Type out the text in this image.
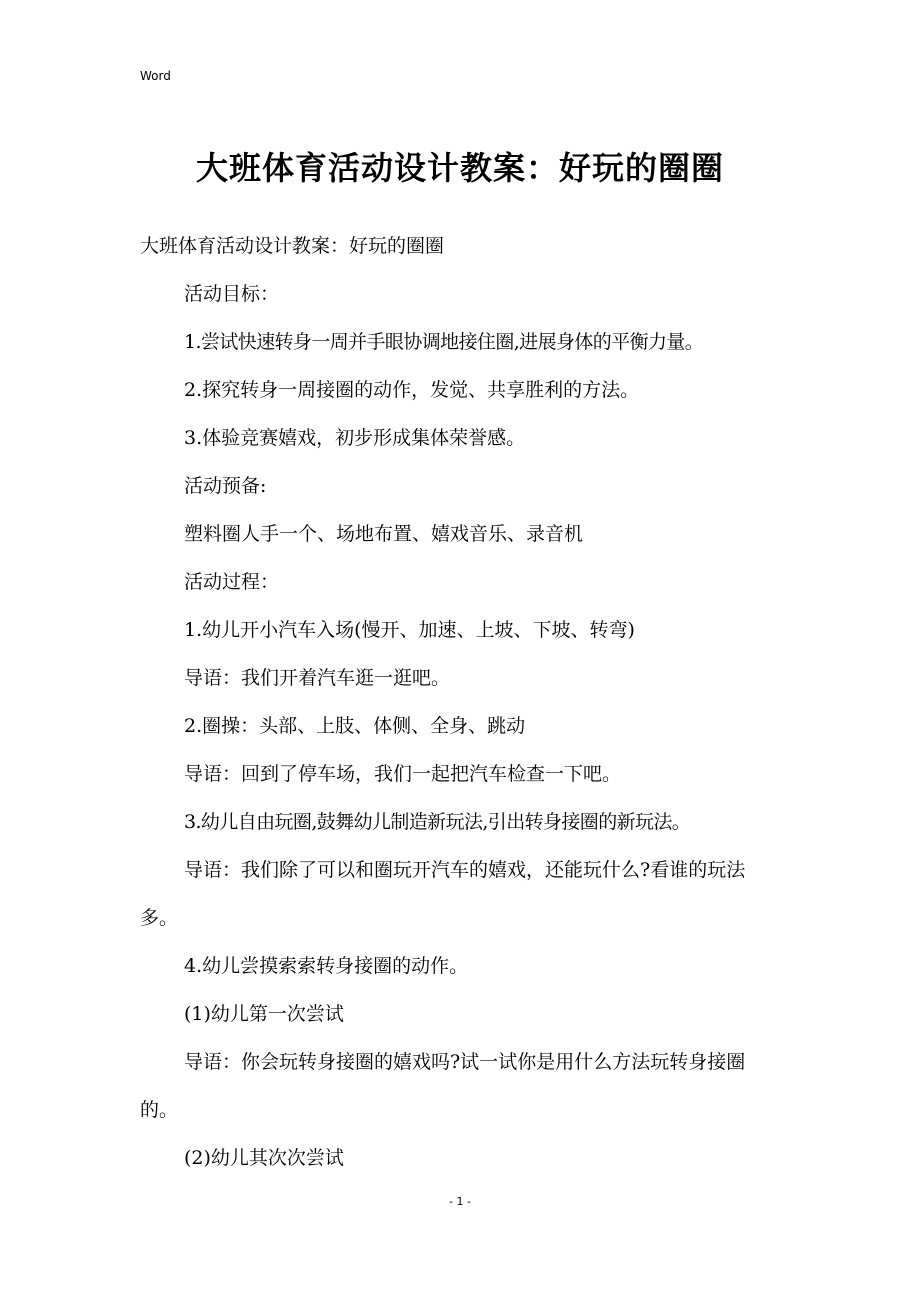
Word
大班体育活动设计教案：好玩的圈圈
大班体育活动设计教案：好玩的圈圈
活动目标：
1.尝试快速转身一周并手眼协调地接住圈,进展身体的平衡力量。
2.探究转身一周接圈的动作，发觉、共享胜利的方法。
3.体验竞赛嬉戏，初步形成集体荣誉感。
活动预备:
塑料圈人手一个、场地布置、嬉戏音乐、录音机
活动过程：
1.幼儿开小汽车入场(慢开、加速、上坡、下坡、转弯)
导语：我们开着汽车逛一逛吧。
2.圈操：头部、上肢、体侧、全身、跳动
导语：回到了停车场，我们一起把汽车检查一下吧。
3.幼儿自由玩圈,鼓舞幼儿制造新玩法,引出转身接圈的新玩法。
导语：我们除了可以和圈玩开汽车的嬉戏，还能玩什么?看谁的玩法多。
4.幼儿尝摸索索转身接圈的动作。
(1)幼儿第一次尝试
导语：你会玩转身接圈的嬉戏吗?试一试你是用什么方法玩转身接圈的。
(2)幼儿其次次尝试
- 1 -
